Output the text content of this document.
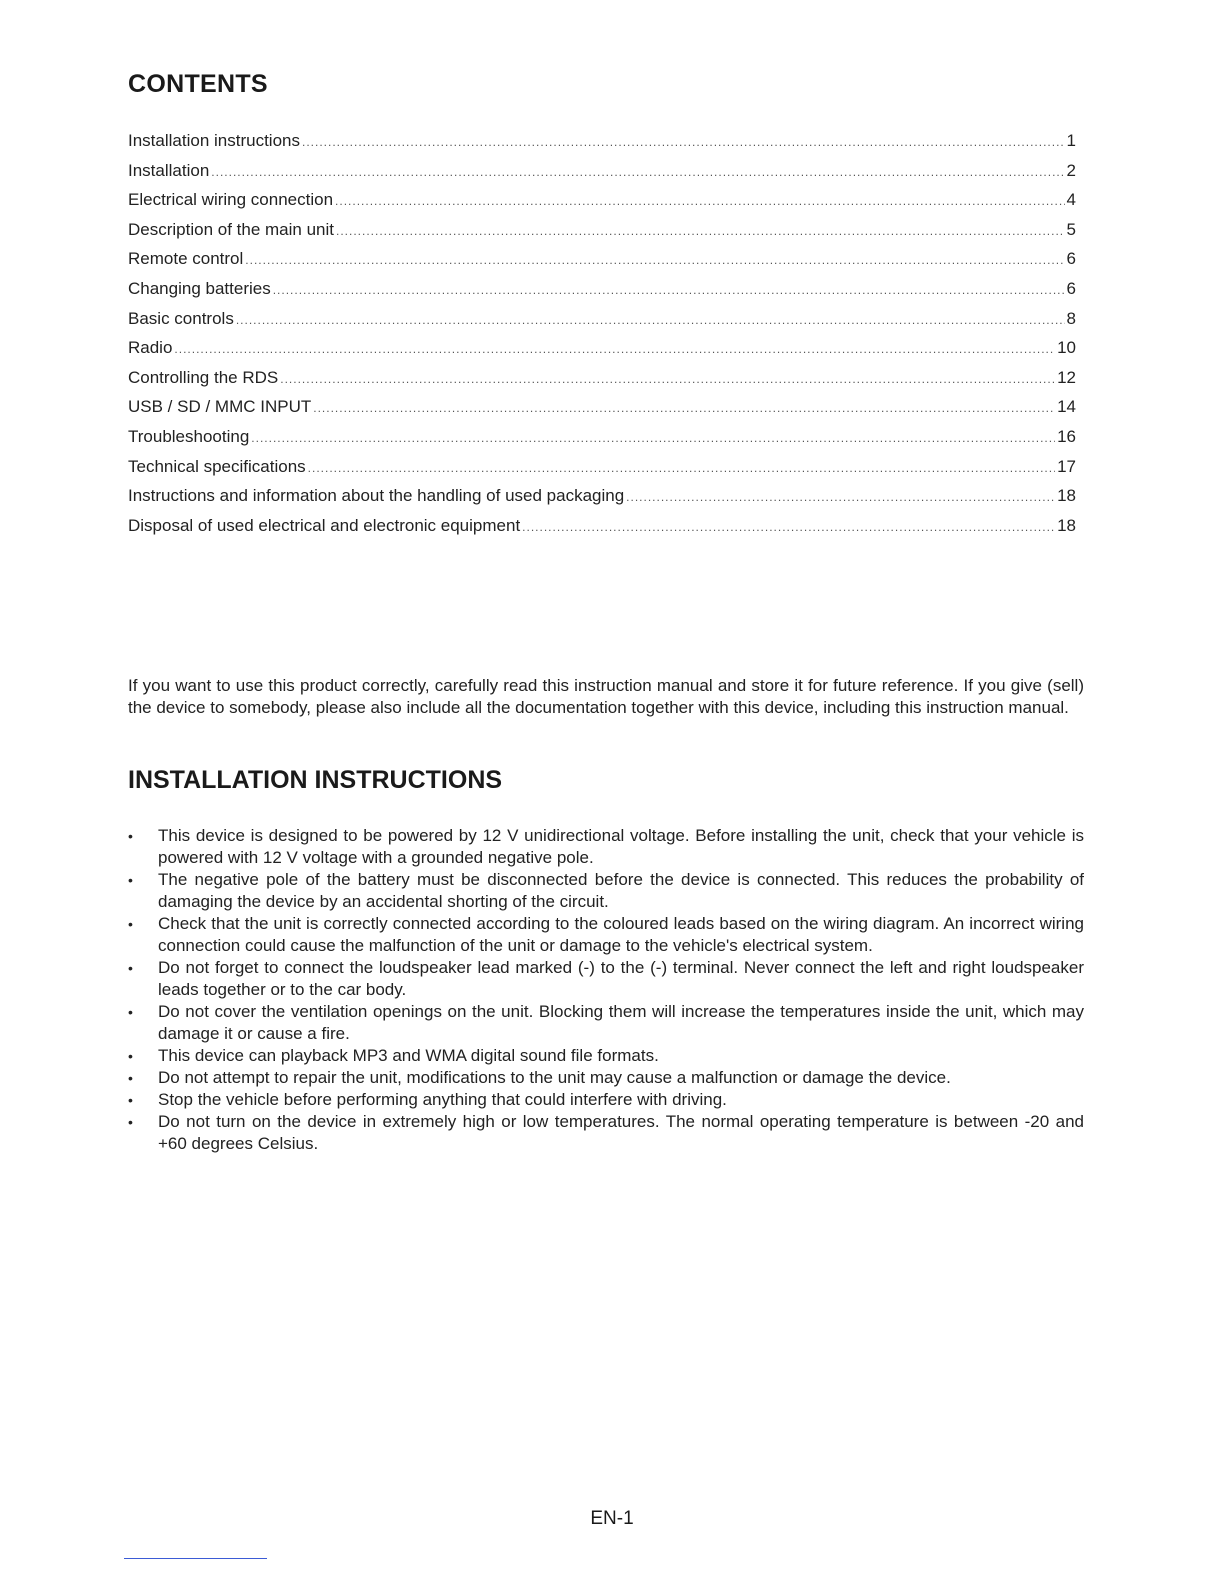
CONTENTS
Installation instructions .....	1
Installation .....	2
Electrical wiring connection .....	4
Description of the main unit .....	5
Remote control .....	6
Changing batteries .....	6
Basic controls .....	8
Radio .....	10
Controlling the RDS .....	12
USB / SD / MMC INPUT .....	14
Troubleshooting .....	16
Technical specifications .....	17
Instructions and information about the handling of used packaging .....	18
Disposal of used electrical and electronic equipment .....	18

If you want to use this product correctly, carefully read this instruction manual and store it for future reference. If you give (sell) the device to somebody, please also include all the documentation together with this device, including this instruction manual.

INSTALLATION INSTRUCTIONS
•	This device is designed to be powered by 12 V unidirectional voltage. Before installing the unit, check that your vehicle is powered with 12 V voltage with a grounded negative pole.
•	The negative pole of the battery must be disconnected before the device is connected. This reduces the probability of damaging the device by an accidental shorting of the circuit.
•	Check that the unit is correctly connected according to the coloured leads based on the wiring diagram. An incorrect wiring connection could cause the malfunction of the unit or damage to the vehicle's electrical system.
•	Do not forget to connect the loudspeaker lead marked (-) to the (-) terminal. Never connect the left and right loudspeaker leads together or to the car body.
•	Do not cover the ventilation openings on the unit. Blocking them will increase the temperatures inside the unit, which may damage it or cause a fire.
•	This device can playback MP3 and WMA digital sound file formats.
•	Do not attempt to repair the unit, modifications to the unit may cause a malfunction or damage the device.
•	Stop the vehicle before performing anything that could interfere with driving.
•	Do not turn on the device in extremely high or low temperatures. The normal operating temperature is between -20 and +60 degrees Celsius.
EN-1
